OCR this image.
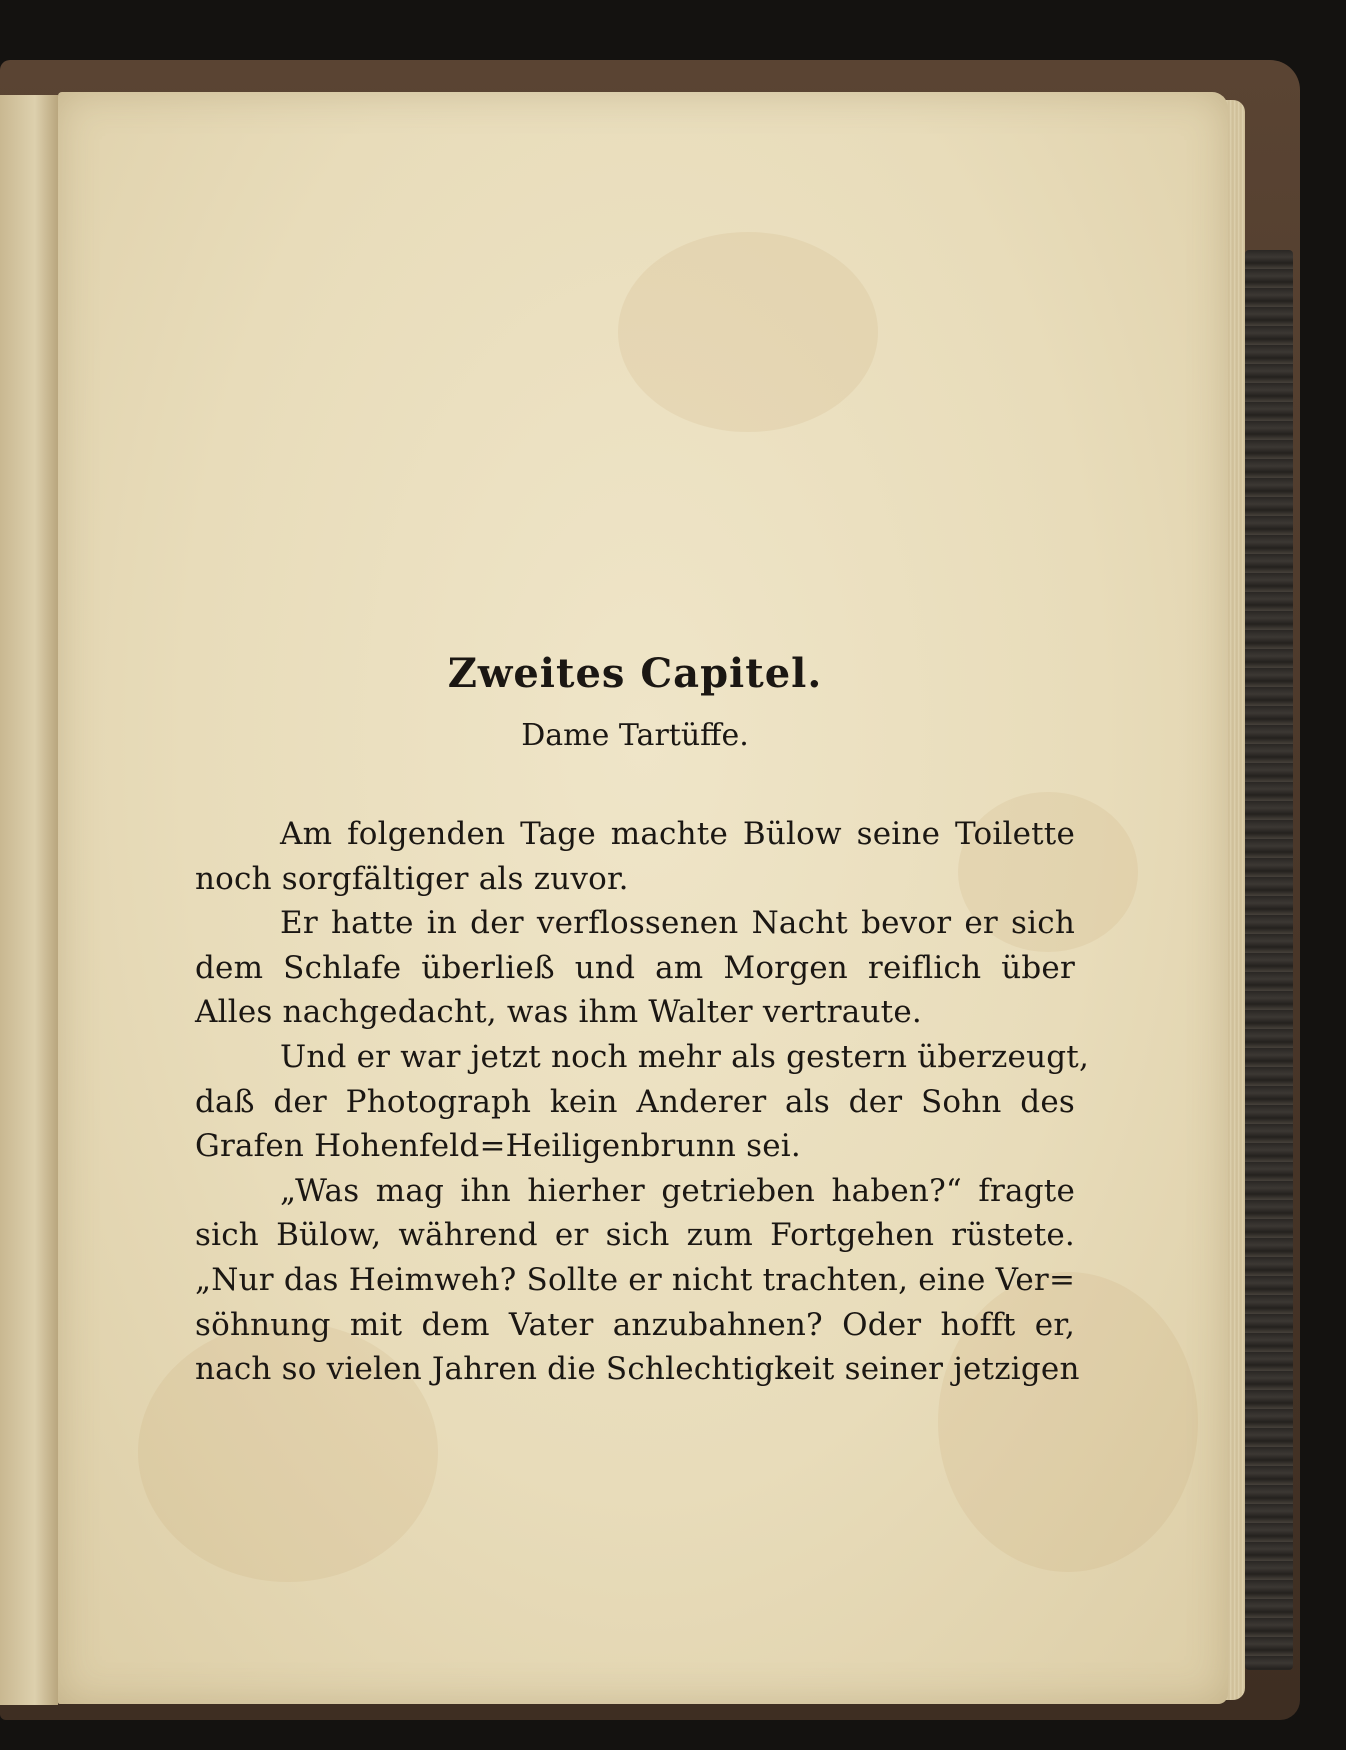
Zweites Capitel.
Dame Tartüffe.
Am folgenden Tage machte Bülow seine Toilette
noch sorgfältiger als zuvor.
Er hatte in der verflossenen Nacht bevor er sich
dem Schlafe überließ und am Morgen reiflich über
Alles nachgedacht, was ihm Walter vertraute.
Und er war jetzt noch mehr als gestern überzeugt,
daß der Photograph kein Anderer als der Sohn des
Grafen Hohenfeld=Heiligenbrunn sei.
„Was mag ihn hierher getrieben haben?“ fragte
sich Bülow, während er sich zum Fortgehen rüstete.
„Nur das Heimweh? Sollte er nicht trachten, eine Ver=
söhnung mit dem Vater anzubahnen? Oder hofft er,
nach so vielen Jahren die Schlechtigkeit seiner jetzigen
